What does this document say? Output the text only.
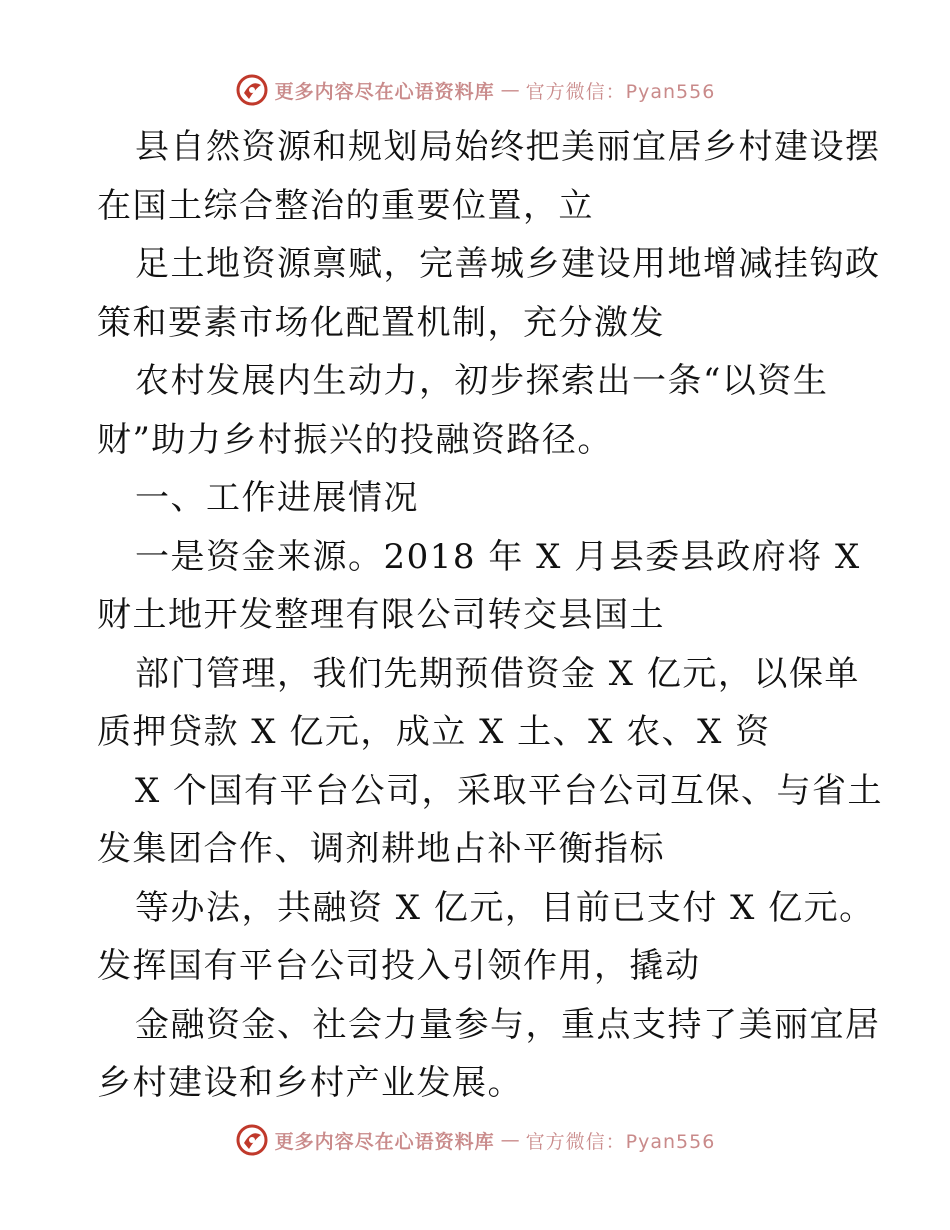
更多内容尽在心语资料库 — 官方微信：Pyan556
县自然资源和规划局始终把美丽宜居乡村建设摆
在国土综合整治的重要位置，立
足土地资源禀赋，完善城乡建设用地增减挂钩政
策和要素市场化配置机制，充分激发
农村发展内生动力，初步探索出一条“以资生
财”助力乡村振兴的投融资路径。
一、工作进展情况
一是资金来源。2018 年 X 月县委县政府将 X
财土地开发整理有限公司转交县国土
部门管理，我们先期预借资金 X 亿元，以保单
质押贷款 X 亿元，成立 X 土、X 农、X 资
X 个国有平台公司，采取平台公司互保、与省土
发集团合作、调剂耕地占补平衡指标
等办法，共融资 X 亿元，目前已支付 X 亿元。
发挥国有平台公司投入引领作用，撬动
金融资金、社会力量参与，重点支持了美丽宜居
乡村建设和乡村产业发展。
更多内容尽在心语资料库 — 官方微信：Pyan556
